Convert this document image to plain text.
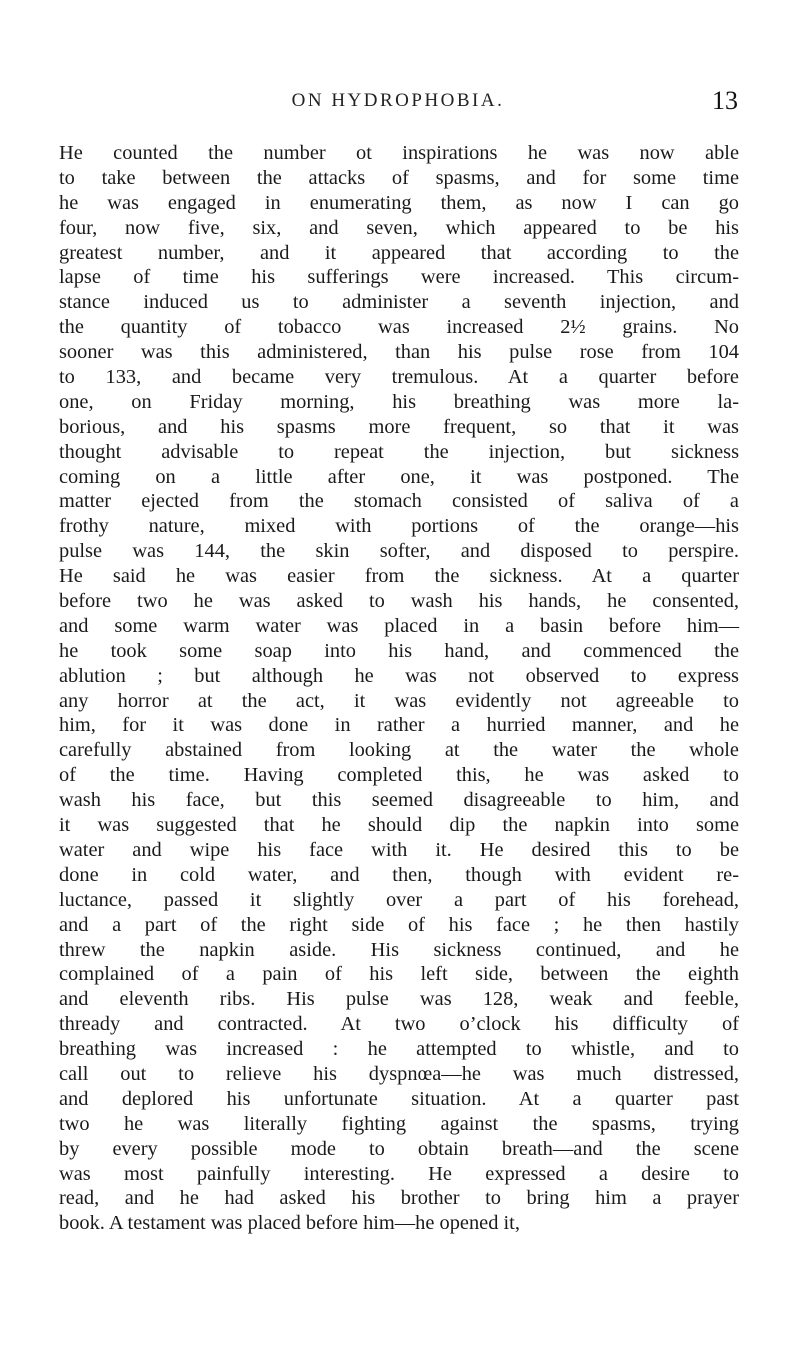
ON HYDROPHOBIA.	13
He counted the number ot inspirations he was now able
to take between the attacks of spasms, and for some time
he was engaged in enumerating them, as now I can go
four, now five, six, and seven, which appeared to be his
greatest number, and it appeared that according to the
lapse of time his sufferings were increased. This circum-
stance induced us to administer a seventh injection, and
the quantity of tobacco was increased 2½ grains. No
sooner was this administered, than his pulse rose from 104
to 133, and became very tremulous. At a quarter before
one, on Friday morning, his breathing was more la-
borious, and his spasms more frequent, so that it was
thought advisable to repeat the injection, but sickness
coming on a little after one, it was postponed. The
matter ejected from the stomach consisted of saliva of a
frothy nature, mixed with portions of the orange—his
pulse was 144, the skin softer, and disposed to perspire.
He said he was easier from the sickness. At a quarter
before two he was asked to wash his hands, he consented,
and some warm water was placed in a basin before him—
he took some soap into his hand, and commenced the
ablution ; but although he was not observed to express
any horror at the act, it was evidently not agreeable to
him, for it was done in rather a hurried manner, and he
carefully abstained from looking at the water the whole
of the time. Having completed this, he was asked to
wash his face, but this seemed disagreeable to him, and
it was suggested that he should dip the napkin into some
water and wipe his face with it. He desired this to be
done in cold water, and then, though with evident re-
luctance, passed it slightly over a part of his forehead,
and a part of the right side of his face ; he then hastily
threw the napkin aside. His sickness continued, and he
complained of a pain of his left side, between the eighth
and eleventh ribs. His pulse was 128, weak and feeble,
thready and contracted. At two o’clock his difficulty of
breathing was increased : he attempted to whistle, and to
call out to relieve his dyspnœa—he was much distressed,
and deplored his unfortunate situation. At a quarter past
two he was literally fighting against the spasms, trying
by every possible mode to obtain breath—and the scene
was most painfully interesting. He expressed a desire to
read, and he had asked his brother to bring him a prayer
book. A testament was placed before him—he opened it,
